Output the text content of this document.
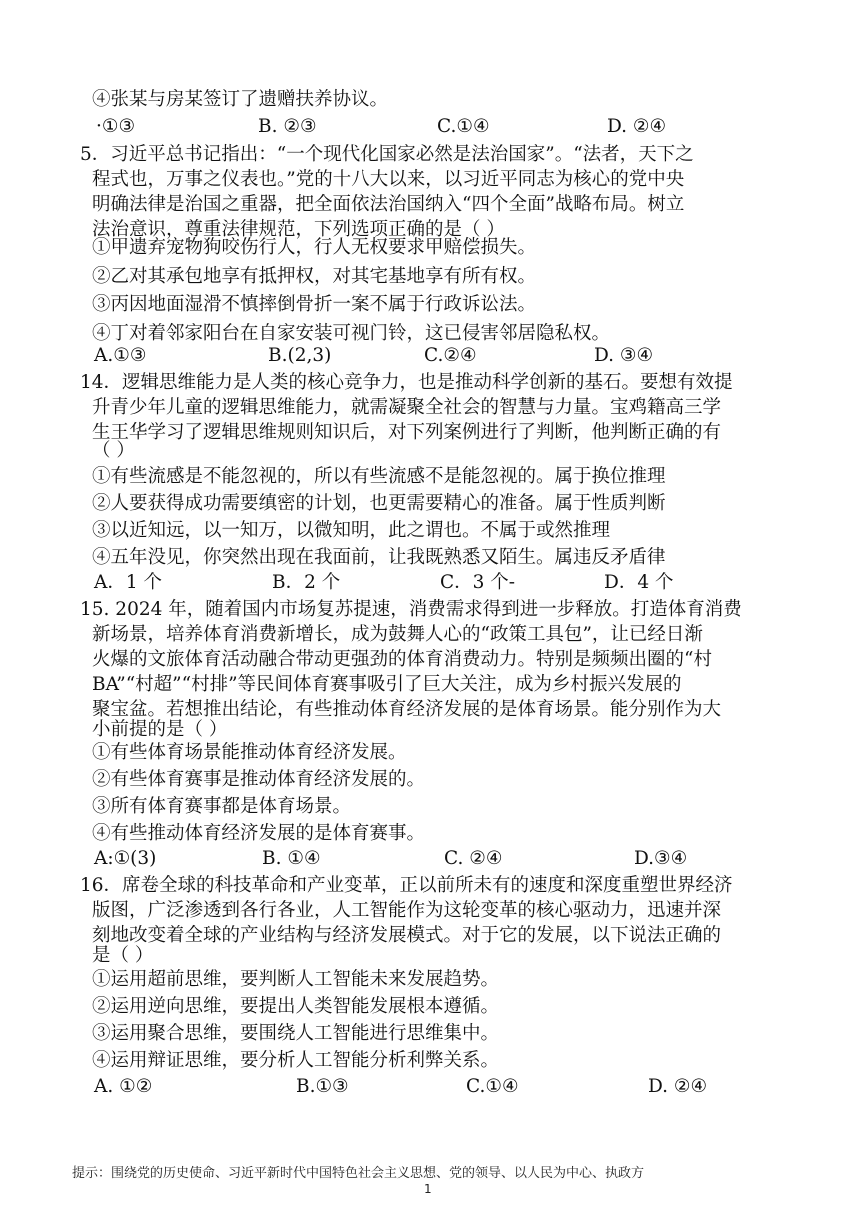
④张某与房某签订了遗赠扶养协议。
·①③	B. ②③	C.①④	D. ②④
5．习近平总书记指出：“一个现代化国家必然是法治国家”。“法者，天下之
程式也，万事之仪表也。”党的十八大以来，以习近平同志为核心的党中央
明确法律是治国之重器，把全面依法治国纳入“四个全面”战略布局。树立
法治意识，尊重法律规范，下列选项正确的是（ ）
①甲遗弃宠物狗咬伤行人，行人无权要求甲赔偿损失。
②乙对其承包地享有抵押权，对其宅基地享有所有权。
③丙因地面湿滑不慎摔倒骨折一案不属于行政诉讼法。
④丁对着邻家阳台在自家安装可视门铃，这已侵害邻居隐私权。
A.①③	B.(2,3)	C.②④	D. ③④
14．逻辑思维能力是人类的核心竞争力，也是推动科学创新的基石。要想有效提
升青少年儿童的逻辑思维能力，就需凝聚全社会的智慧与力量。宝鸡籍高三学
生王华学习了逻辑思维规则知识后，对下列案例进行了判断，他判断正确的有
（ ）
①有些流感是不能忽视的，所以有些流感不是能忽视的。属于换位推理
②人要获得成功需要缜密的计划，也更需要精心的准备。属于性质判断
③以近知远，以一知万，以微知明，此之谓也。不属于或然推理
④五年没见，你突然出现在我面前，让我既熟悉又陌生。属违反矛盾律
A．1 个	B．2 个	C．3 个-	D．4 个
15. 2024 年，随着国内市场复苏提速，消费需求得到进一步释放。打造体育消费
新场景，培养体育消费新增长，成为鼓舞人心的“政策工具包”，让已经日渐
火爆的文旅体育活动融合带动更强劲的体育消费动力。特别是频频出圈的“村
BA”“村超”“村排”等民间体育赛事吸引了巨大关注，成为乡村振兴发展的
聚宝盆。若想推出结论，有些推动体育经济发展的是体育场景。能分别作为大
小前提的是（ ）
①有些体育场景能推动体育经济发展。
②有些体育赛事是推动体育经济发展的。
③所有体育赛事都是体育场景。
④有些推动体育经济发展的是体育赛事。
A:①(3)	B. ①④	C. ②④	D.③④
16．席卷全球的科技革命和产业变革，正以前所未有的速度和深度重塑世界经济
版图，广泛渗透到各行各业，人工智能作为这轮变革的核心驱动力，迅速并深
刻地改变着全球的产业结构与经济发展模式。对于它的发展，以下说法正确的
是（ ）
①运用超前思维，要判断人工智能未来发展趋势。
②运用逆向思维，要提出人类智能发展根本遵循。
③运用聚合思维，要围绕人工智能进行思维集中。
④运用辩证思维，要分析人工智能分析利弊关系。
A. ①②	B.①③	C.①④	D. ②④
提示：围绕党的历史使命、习近平新时代中国特色社会主义思想、党的领导、以人民为中心、执政方
1
